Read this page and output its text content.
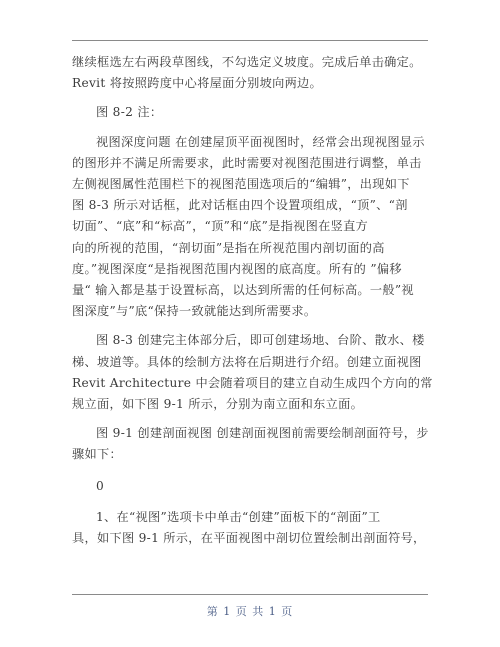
继续框选左右两段草图线，不勾选定义坡度。完成后单击确定。

Revit 将按照跨度中心将屋面分别坡向两边。

图 8-2 注：

视图深度问题 在创建屋顶平面视图时，经常会出现视图显示

的图形并不满足所需要求，此时需要对视图范围进行调整，单击

左侧视图属性范围栏下的视图范围选项后的“编辑”，出现如下

图 8-3 所示对话框，此对话框由四个设置项组成，“顶”、“剖

切面”、“底”和“标高”，“顶”和“底”是指视图在竖直方

向的所视的范围，“剖切面”是指在所视范围内剖切面的高

度。”视图深度“是指视图范围内视图的底高度。所有的 ”偏移

量“ 输入都是基于设置标高，以达到所需的任何标高。一般”视

图深度”与”底“保持一致就能达到所需要求。

图 8-3 创建完主体部分后，即可创建场地、台阶、散水、楼

梯、坡道等。具体的绘制方法将在后期进行介绍。创建立面视图

Revit Architecture 中会随着项目的建立自动生成四个方向的常

规立面，如下图 9-1 所示，分别为南立面和东立面。

图 9-1 创建剖面视图 创建剖面视图前需要绘制剖面符号，步

骤如下：

0

1、在“视图”选项卡中单击“创建”面板下的“剖面”工

具，如下图 9-1 所示，在平面视图中剖切位置绘制出剖面符号，

第 1 页 共 1 页
